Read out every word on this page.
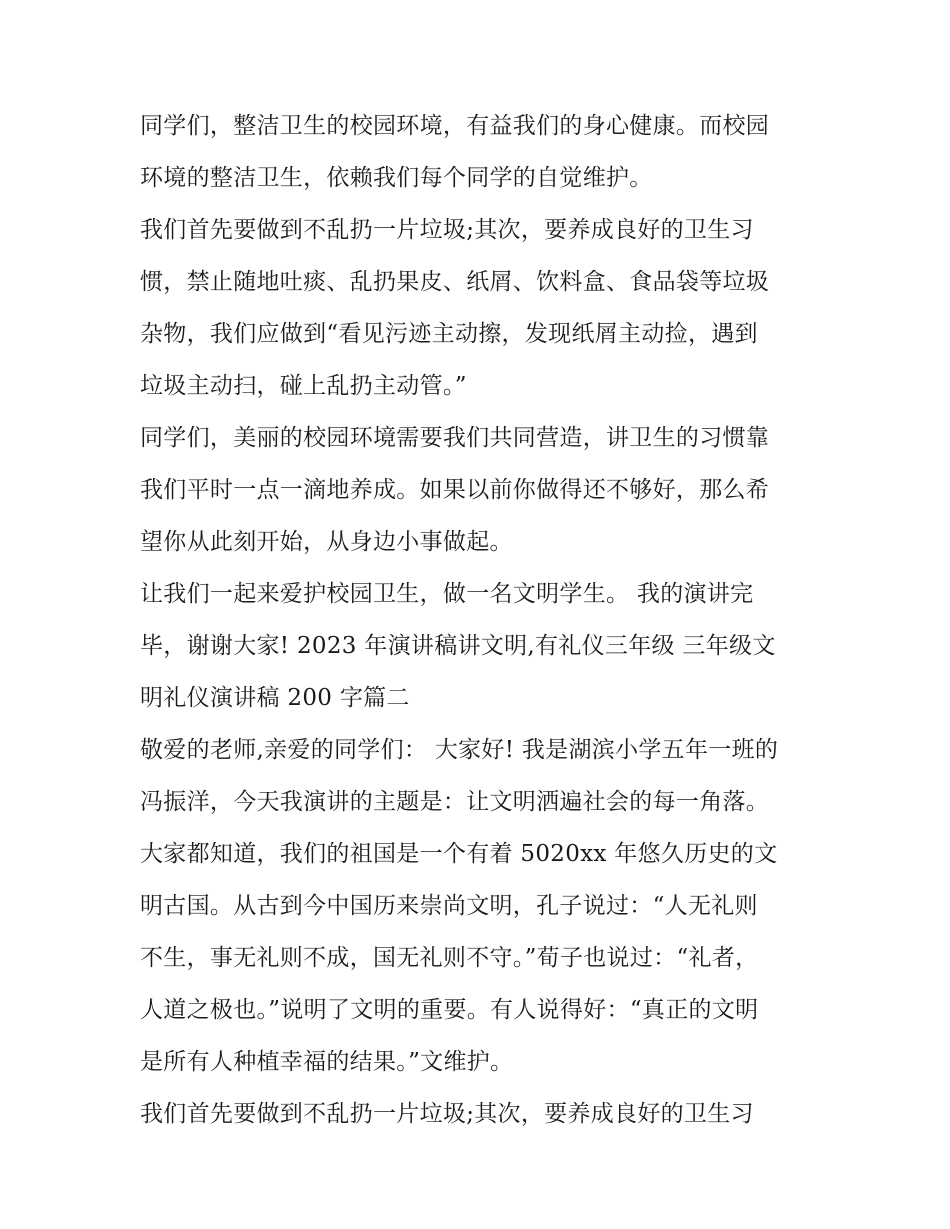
同学们，整洁卫生的校园环境，有益我们的身心健康。而校园
环境的整洁卫生，依赖我们每个同学的自觉维护。
我们首先要做到不乱扔一片垃圾;其次，要养成良好的卫生习
惯，禁止随地吐痰、乱扔果皮、纸屑、饮料盒、食品袋等垃圾
杂物，我们应做到“看见污迹主动擦，发现纸屑主动捡，遇到
垃圾主动扫，碰上乱扔主动管。”
同学们，美丽的校园环境需要我们共同营造，讲卫生的习惯靠
我们平时一点一滴地养成。如果以前你做得还不够好，那么希
望你从此刻开始，从身边小事做起。
让我们一起来爱护校园卫生，做一名文明学生。 我的演讲完
毕，谢谢大家! 2023 年演讲稿讲文明,有礼仪三年级 三年级文
明礼仪演讲稿 200 字篇二
敬爱的老师,亲爱的同学们： 大家好! 我是湖滨小学五年一班的
冯振洋，今天我演讲的主题是：让文明洒遍社会的每一角落。
大家都知道，我们的祖国是一个有着 5020xx 年悠久历史的文
明古国。从古到今中国历来崇尚文明，孔子说过：“人无礼则
不生，事无礼则不成，国无礼则不守。”荀子也说过：“礼者，
人道之极也。”说明了文明的重要。有人说得好：“真正的文明
是所有人种植幸福的结果。”文维护。
我们首先要做到不乱扔一片垃圾;其次，要养成良好的卫生习
